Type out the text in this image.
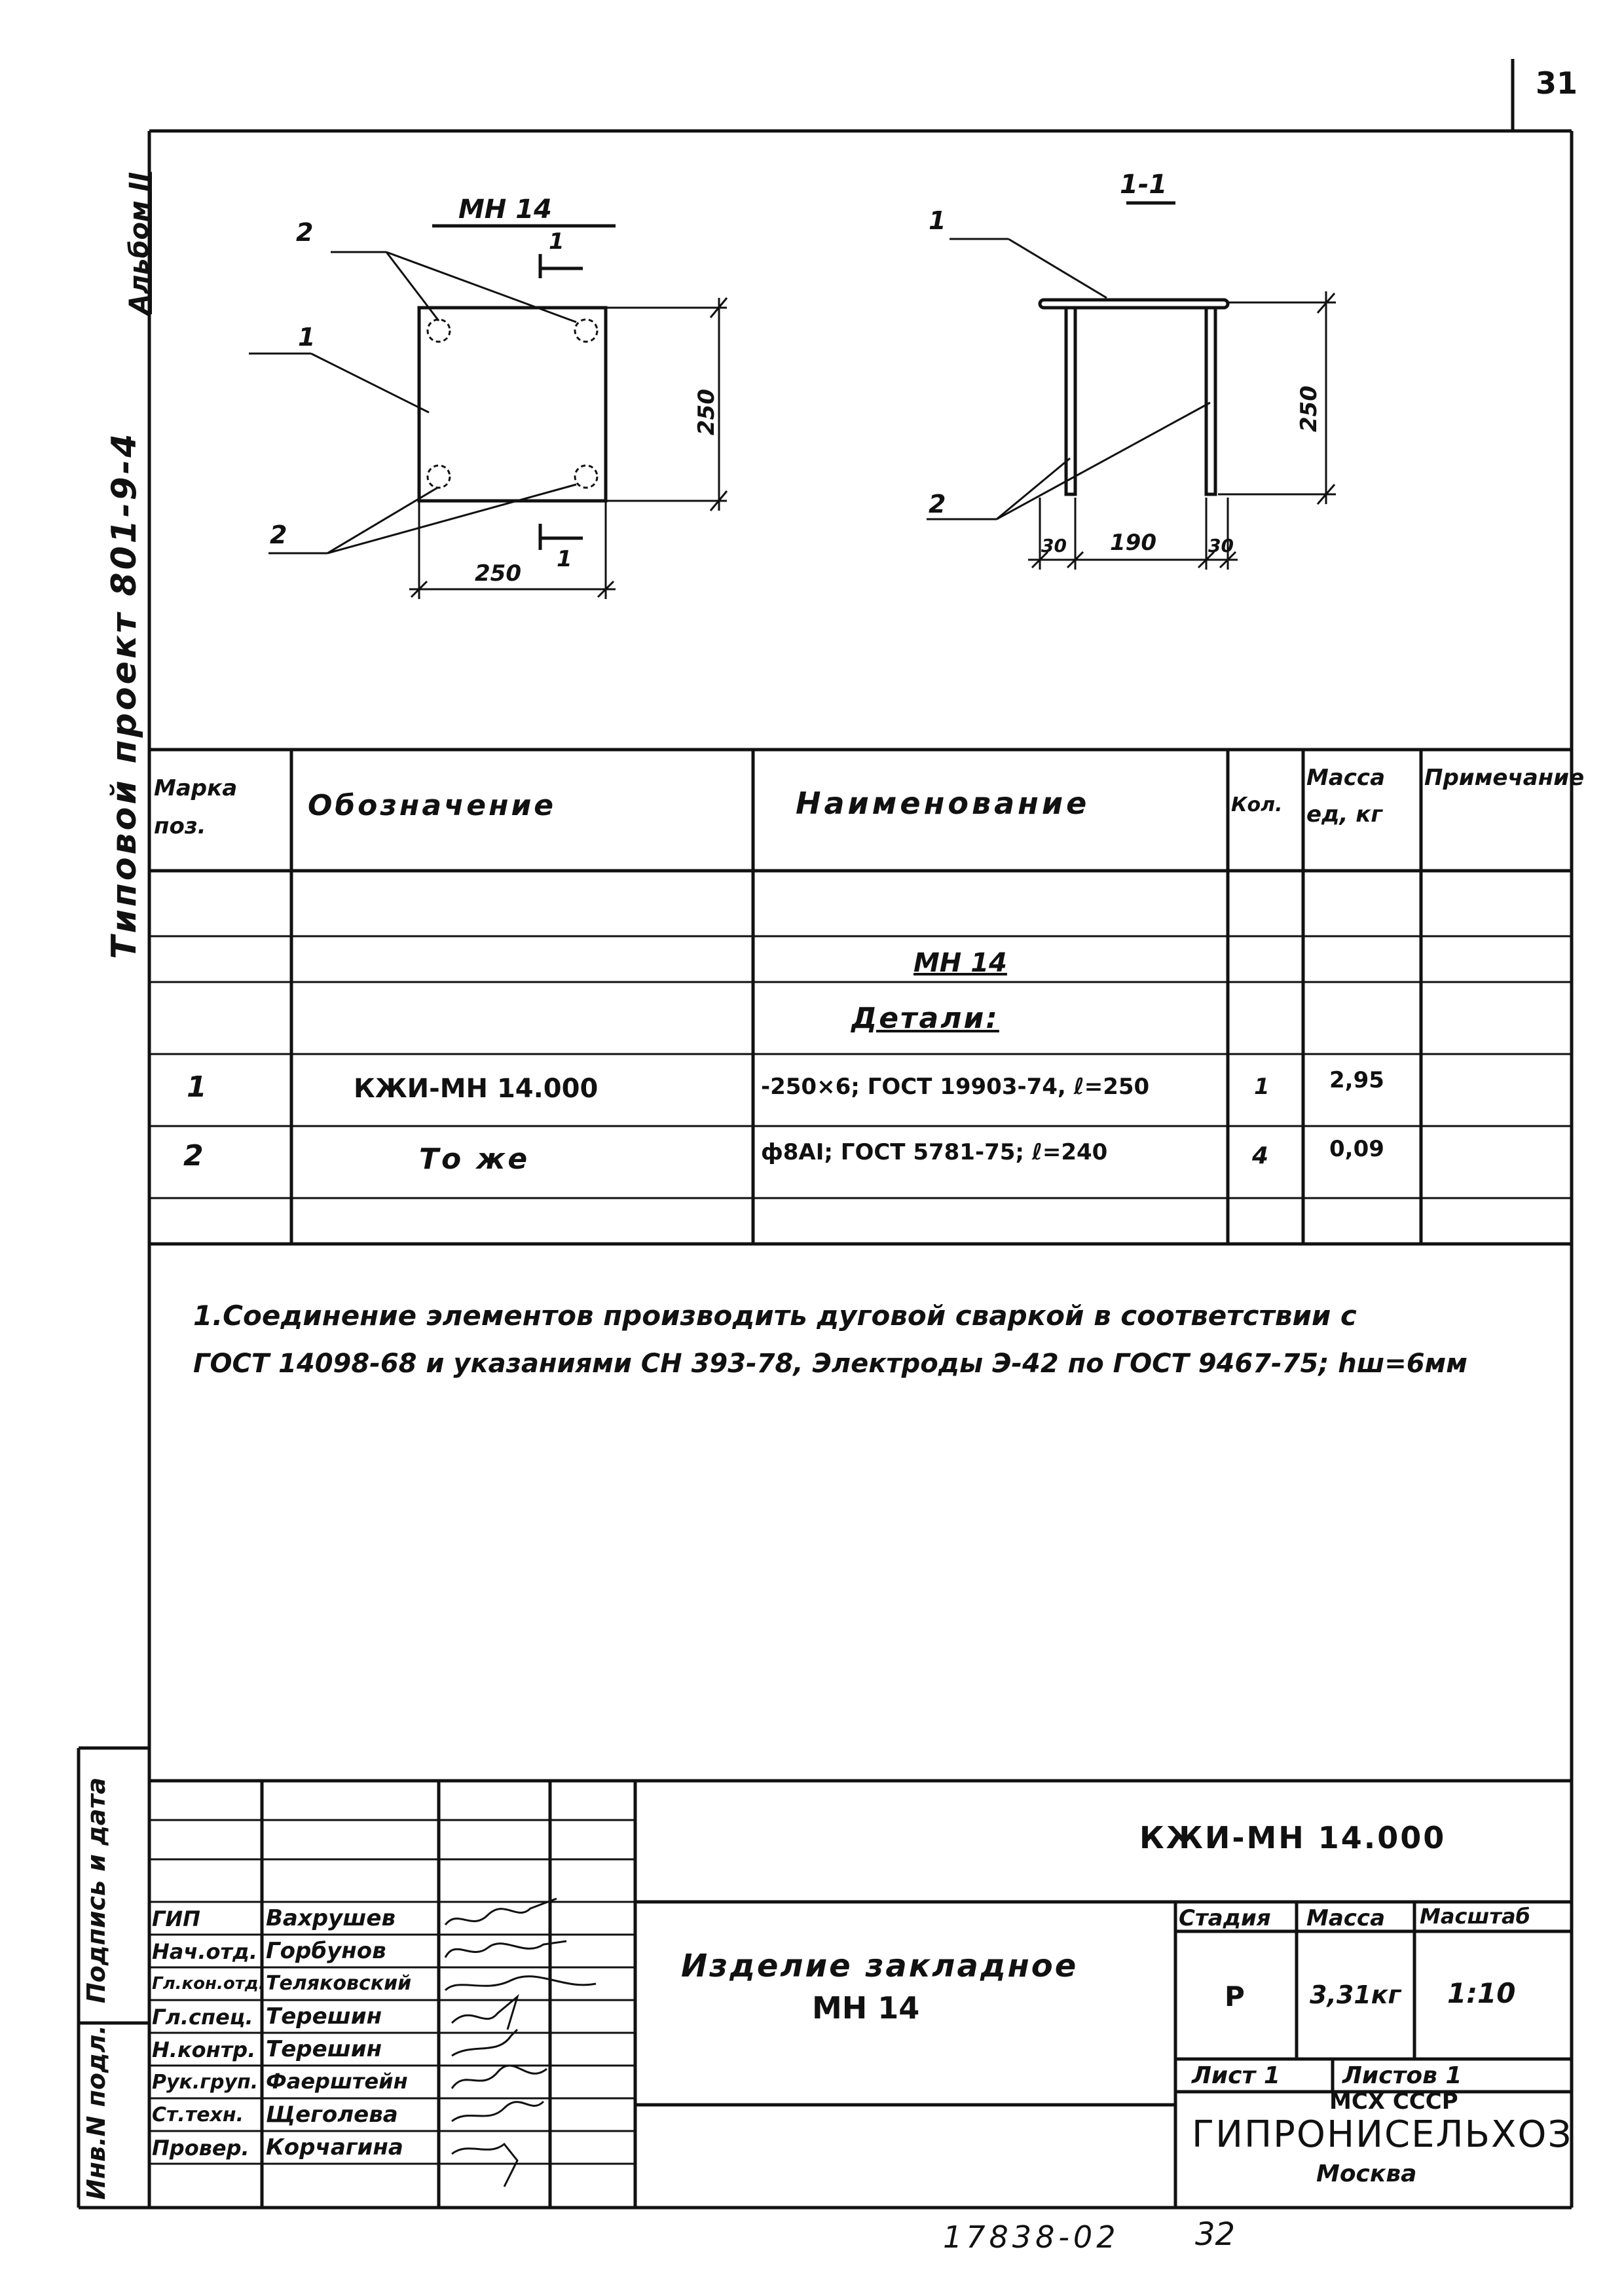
МН 14
1
1
2
1
2
250
250
1-1
1
2
30 190	30
250
31
Альбом II
Типовой проект 801-9-4
Подпись и дата
Инв.N подл.
Марка поз.
Обозначение	Наименование	Кол.
Масса ед, кг
Примечание
МН 14
Детали:
1	КЖИ-МН 14.000	-250×6; ГОСТ 19903-74, ℓ=250	1	2,95
2	То же	ф8АI; ГОСТ 5781-75; ℓ=240	4	0,09
1.Соединение элементов производить дуговой сваркой в соответствии с
ГОСТ 14098-68 и указаниями СН 393-78, Электроды Э-42 по ГОСТ 9467-75; hш=6мм
КЖИ-МН 14.000
Изделие закладное
МН 14
Стадия Масса Масштаб
Р	3,31кг 1:10
Лист 1	Листов 1
МСХ СССР
ГИПРОНИСЕЛЬХОЗ
Москва
ГИП	Вахрушев
Нач.отд. Горбунов
Гл.кон.отд. Теляковский
Гл.спец. Терешин
Н.контр. Терешин
Рук.груп. Фаерштейн
Ст.техн. Щеголева
Провер. Корчагина
17838-02 32
